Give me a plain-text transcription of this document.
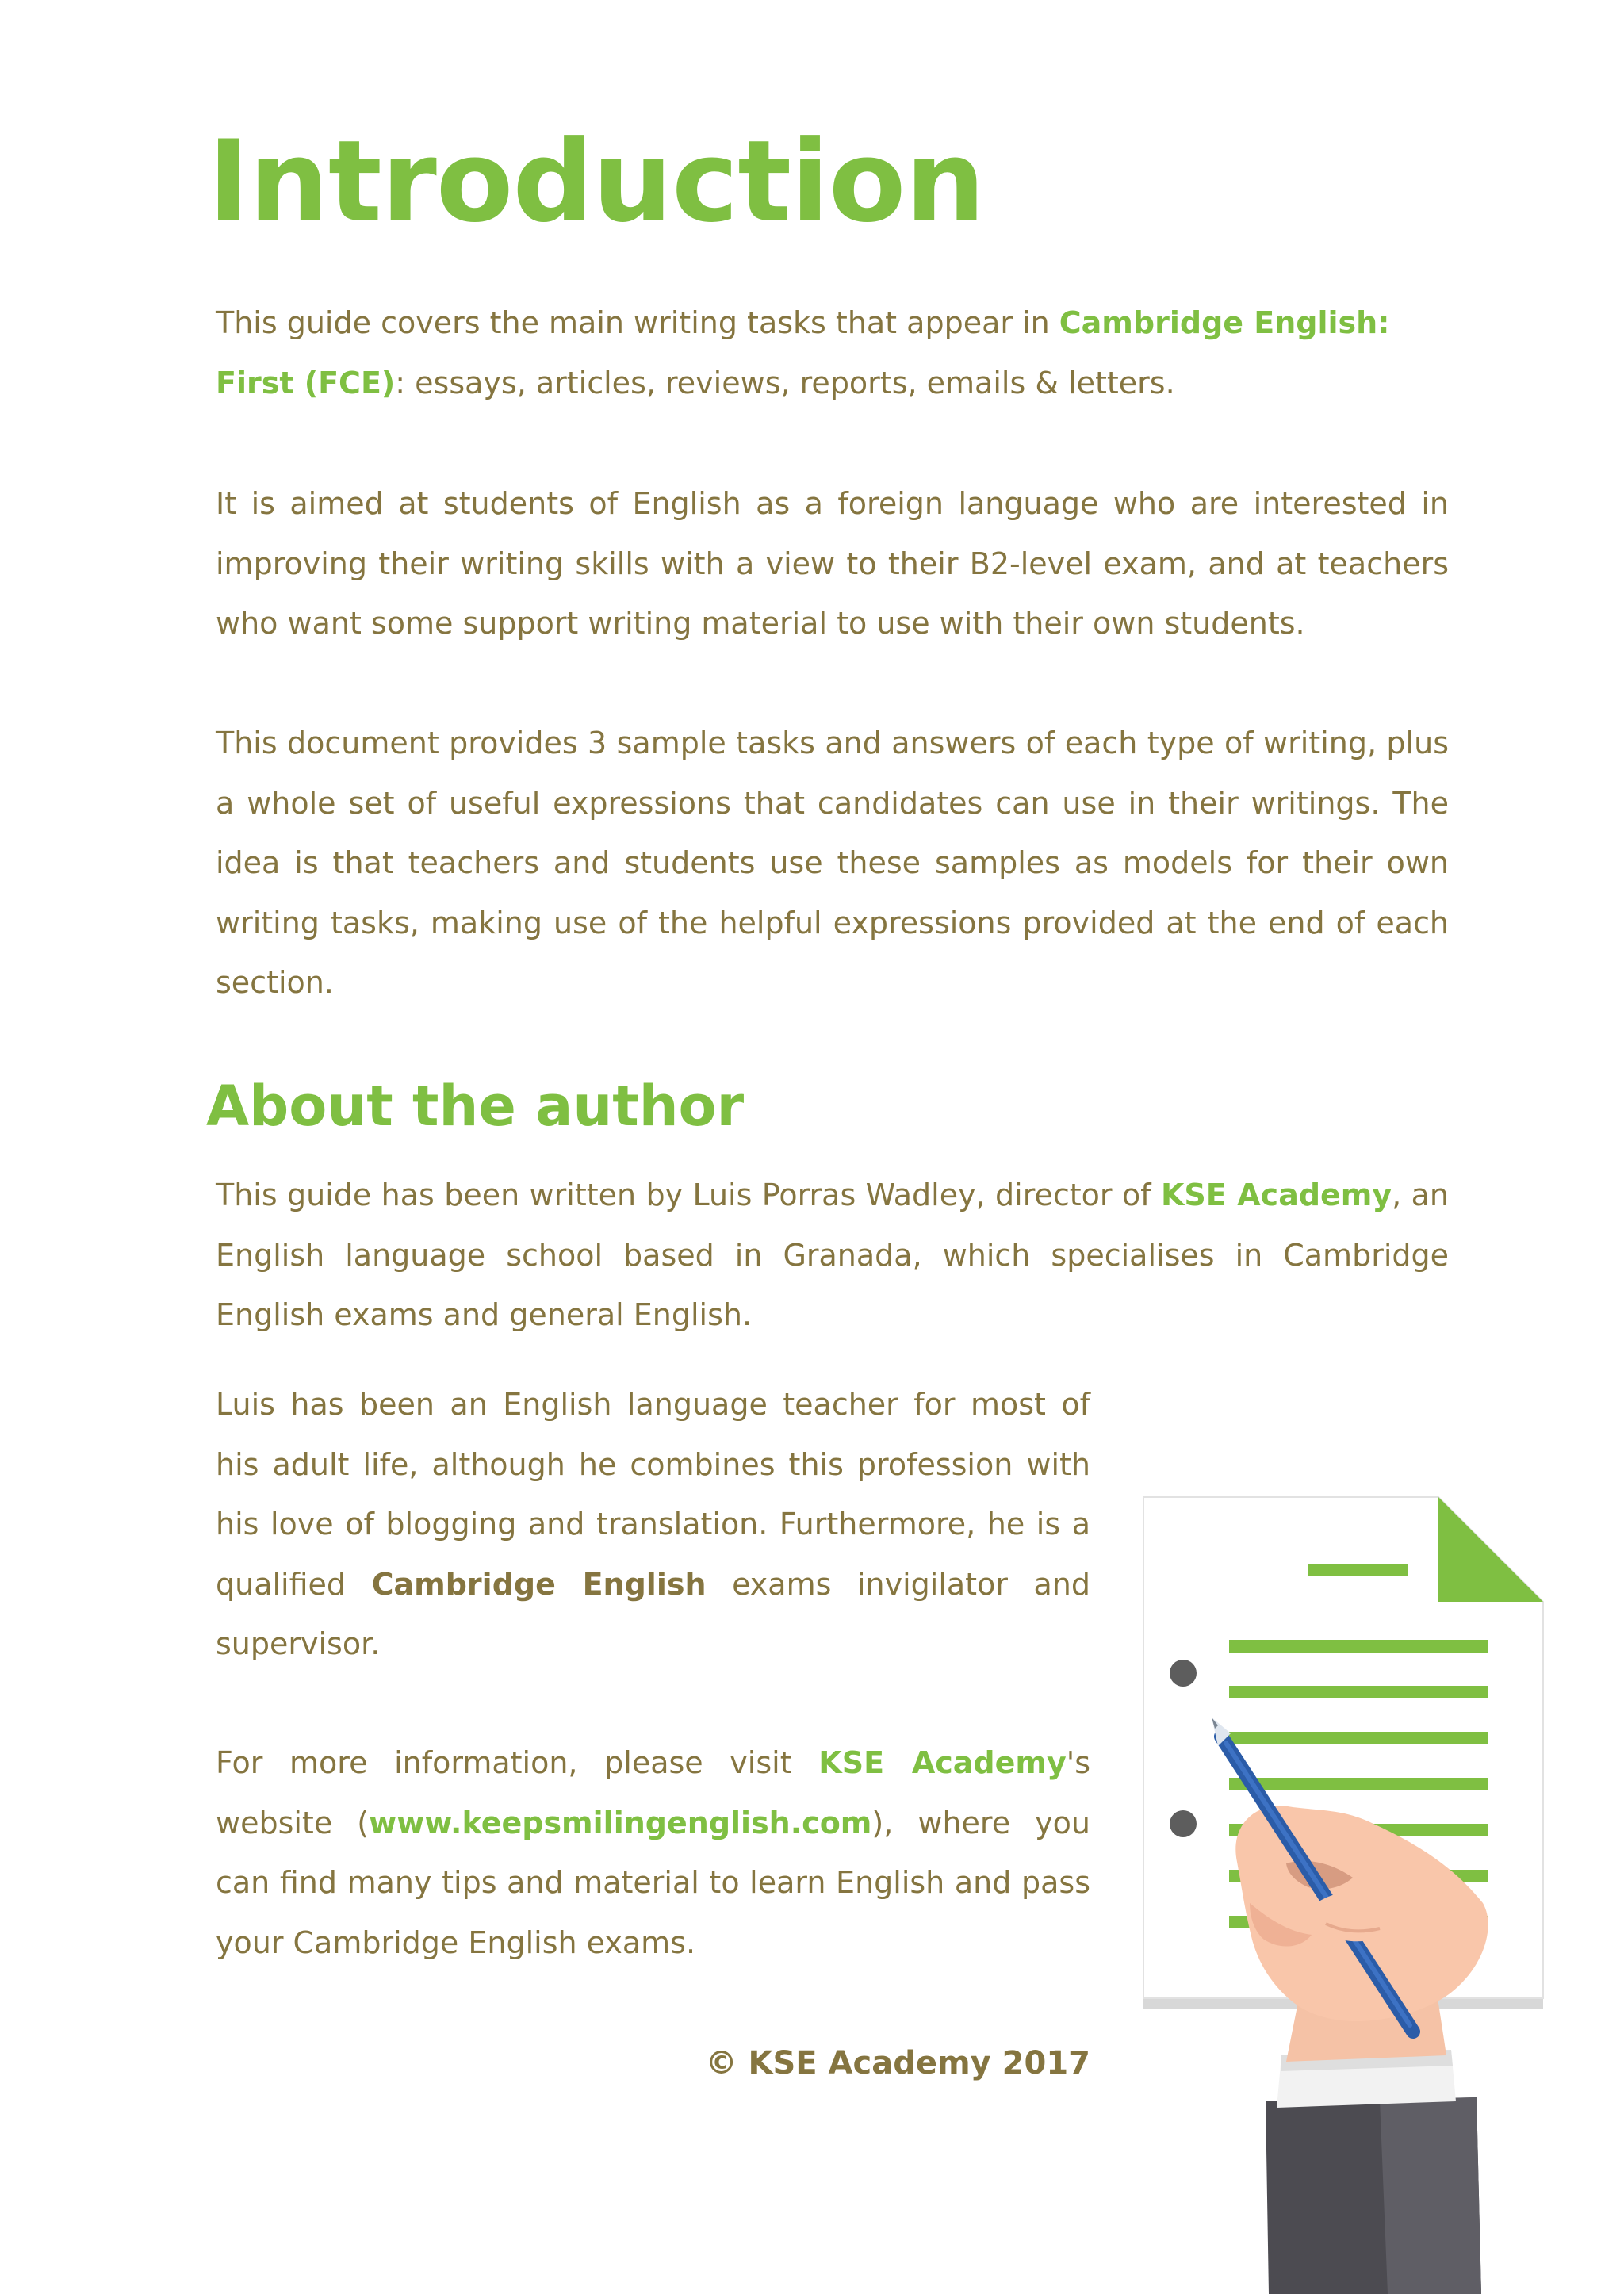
Introduction

This guide covers the main writing tasks that appear in Cambridge English: First (FCE): essays, articles, reviews, reports, emails & letters.

It is aimed at students of English as a foreign language who are interested in improving their writing skills with a view to their B2-level exam, and at teachers who want some support writing material to use with their own students.

This document provides 3 sample tasks and answers of each type of writing, plus a whole set of useful expressions that candidates can use in their writings. The idea is that teachers and students use these samples as models for their own writing tasks, making use of the helpful expressions provided at the end of each section.

About the author

This guide has been written by Luis Porras Wadley, director of KSE Academy, an English language school based in Granada, which specialises in Cambridge English exams and general English.

Luis has been an English language teacher for most of his adult life, although he combines this profession with his love of blogging and translation. Furthermore, he is a qualified Cambridge English exams invigilator and supervisor.

For more information, please visit KSE Academy's website (www.keepsmilingenglish.com), where you can find many tips and material to learn English and pass your Cambridge English exams.

© KSE Academy 2017
